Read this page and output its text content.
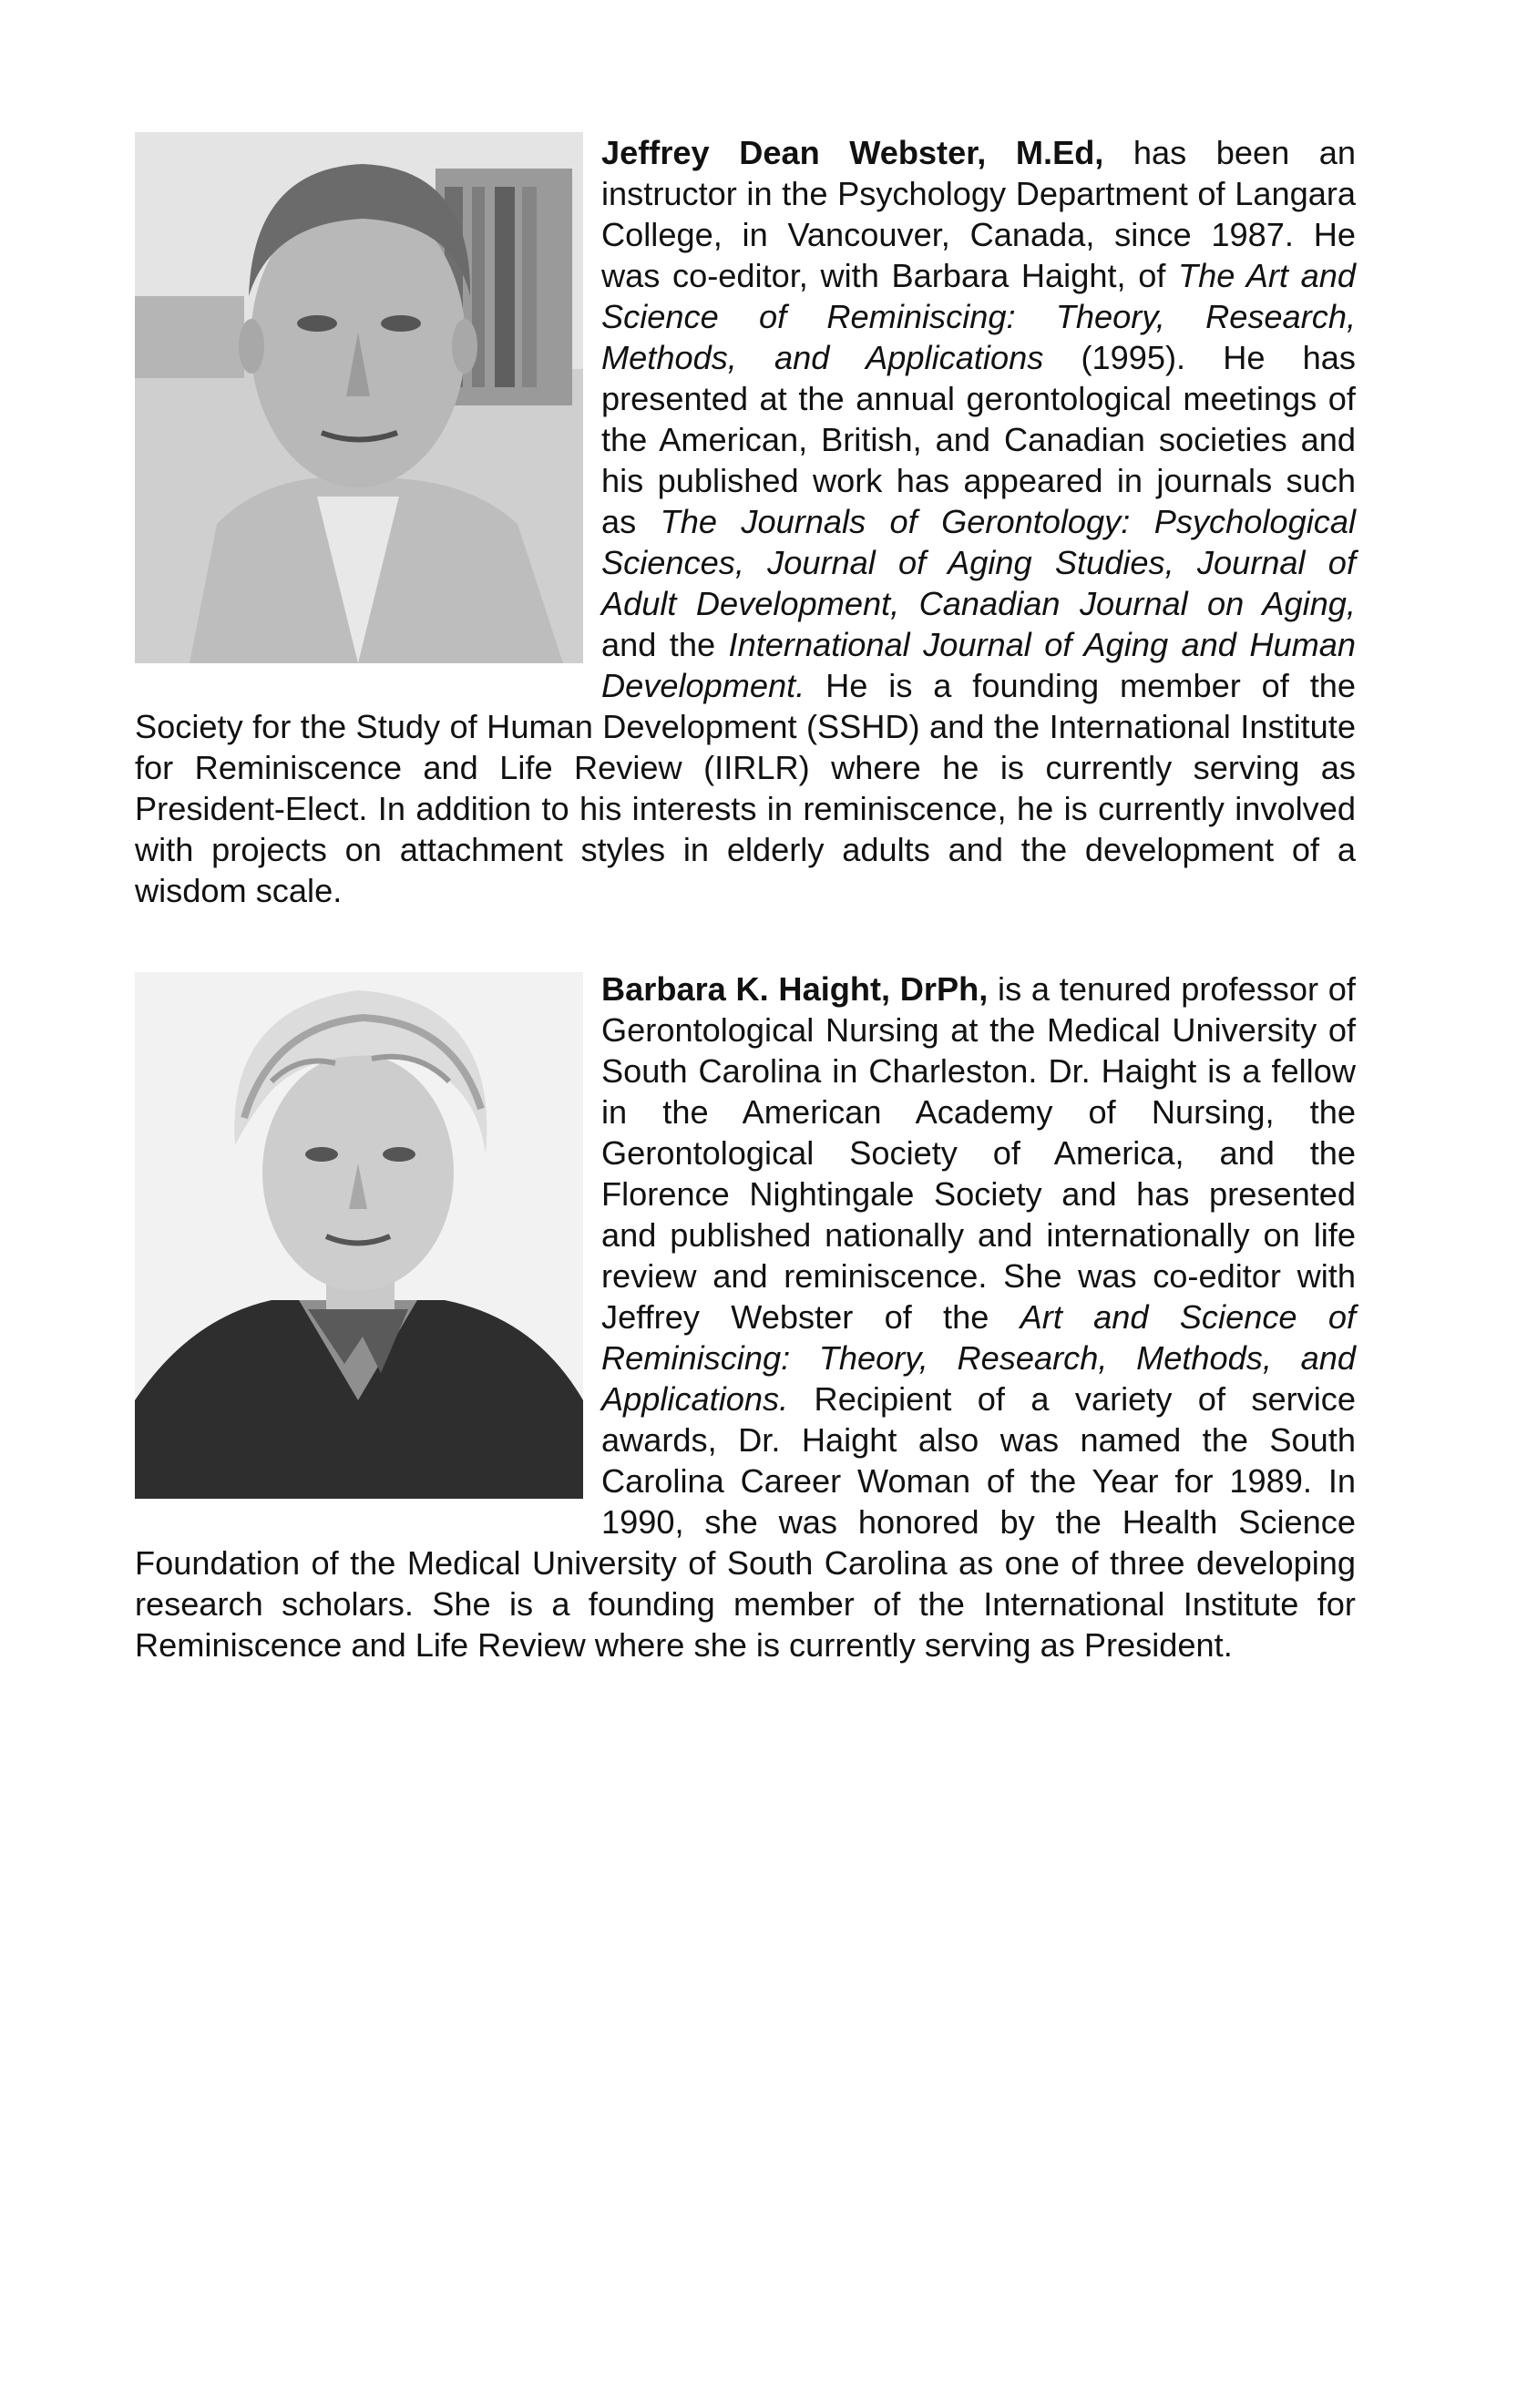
Jeffrey Dean Webster, M.Ed, has been an instructor in the Psychology Department of Langara College, in Vancouver, Canada, since 1987. He was co-editor, with Barbara Haight, of The Art and Science of Reminiscing: Theory, Research, Methods, and Applications (1995). He has presented at the annual gerontological meetings of the American, British, and Canadian societies and his published work has appeared in journals such as The Journals of Gerontology: Psychological Sciences, Journal of Aging Studies, Journal of Adult Development, Canadian Journal on Aging, and the International Journal of Aging and Human Development. He is a founding member of the Society for the Study of Human Development (SSHD) and the International Institute for Reminiscence and Life Review (IIRLR) where he is currently serving as President-Elect. In addition to his interests in reminiscence, he is currently involved with projects on attachment styles in elderly adults and the development of a wisdom scale.

Barbara K. Haight, DrPh, is a tenured professor of Gerontological Nursing at the Medical University of South Carolina in Charleston. Dr. Haight is a fellow in the American Academy of Nursing, the Gerontological Society of America, and the Florence Nightingale Society and has presented and published nationally and internationally on life review and reminiscence. She was co-editor with Jeffrey Webster of the Art and Science of Reminiscing: Theory, Research, Methods, and Applications. Recipient of a variety of service awards, Dr. Haight also was named the South Carolina Career Woman of the Year for 1989. In 1990, she was honored by the Health Science Foundation of the Medical University of South Carolina as one of three developing research scholars. She is a founding member of the International Institute for Reminiscence and Life Review where she is currently serving as President.
